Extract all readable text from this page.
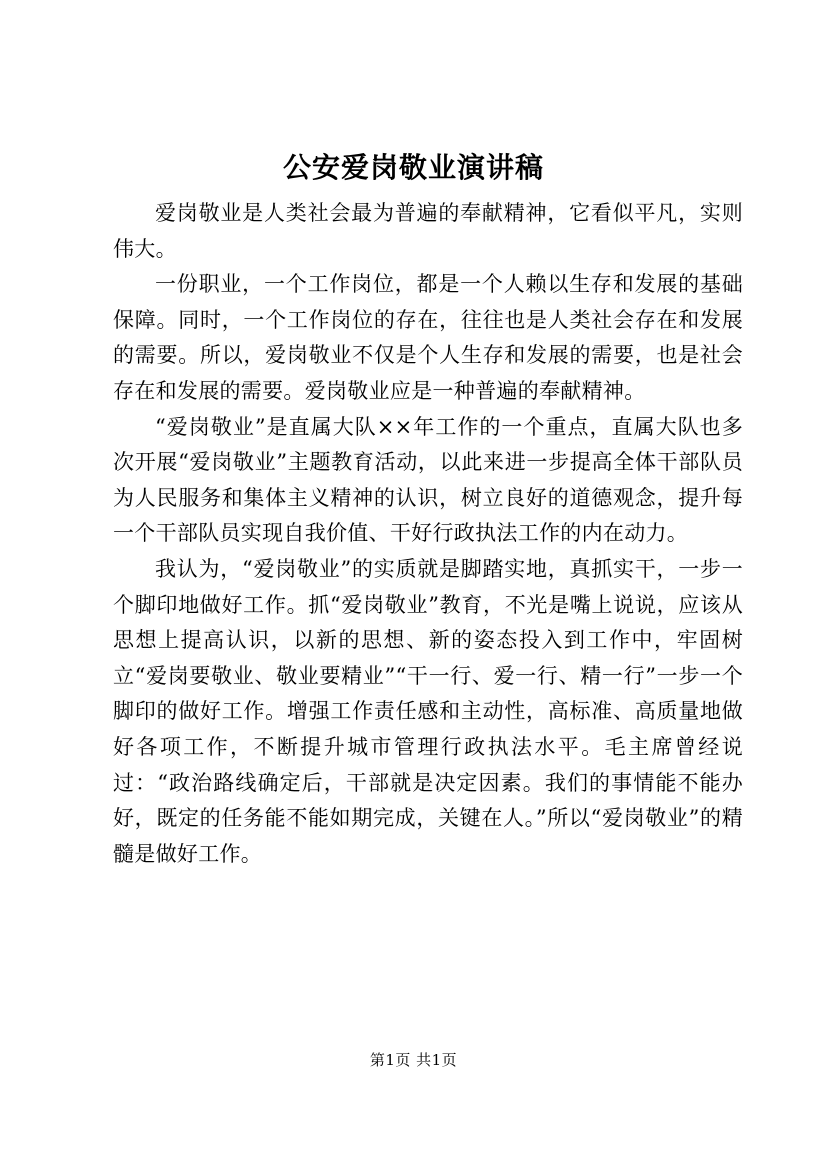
公安爱岗敬业演讲稿

爱岗敬业是人类社会最为普遍的奉献精神，它看似平凡，实则伟大。

一份职业，一个工作岗位，都是一个人赖以生存和发展的基础保障。同时，一个工作岗位的存在，往往也是人类社会存在和发展的需要。所以，爱岗敬业不仅是个人生存和发展的需要，也是社会存在和发展的需要。爱岗敬业应是一种普遍的奉献精神。

“爱岗敬业”是直属大队××年工作的一个重点，直属大队也多次开展“爱岗敬业”主题教育活动，以此来进一步提高全体干部队员为人民服务和集体主义精神的认识，树立良好的道德观念，提升每一个干部队员实现自我价值、干好行政执法工作的内在动力。

我认为，“爱岗敬业”的实质就是脚踏实地，真抓实干，一步一个脚印地做好工作。抓“爱岗敬业”教育，不光是嘴上说说，应该从思想上提高认识，以新的思想、新的姿态投入到工作中，牢固树立“爱岗要敬业、敬业要精业”“干一行、爱一行、精一行”一步一个脚印的做好工作。增强工作责任感和主动性，高标准、高质量地做好各项工作，不断提升城市管理行政执法水平。毛主席曾经说过：“政治路线确定后，干部就是决定因素。我们的事情能不能办好，既定的任务能不能如期完成，关键在人。”所以“爱岗敬业”的精髓是做好工作。

第1页 共1页
